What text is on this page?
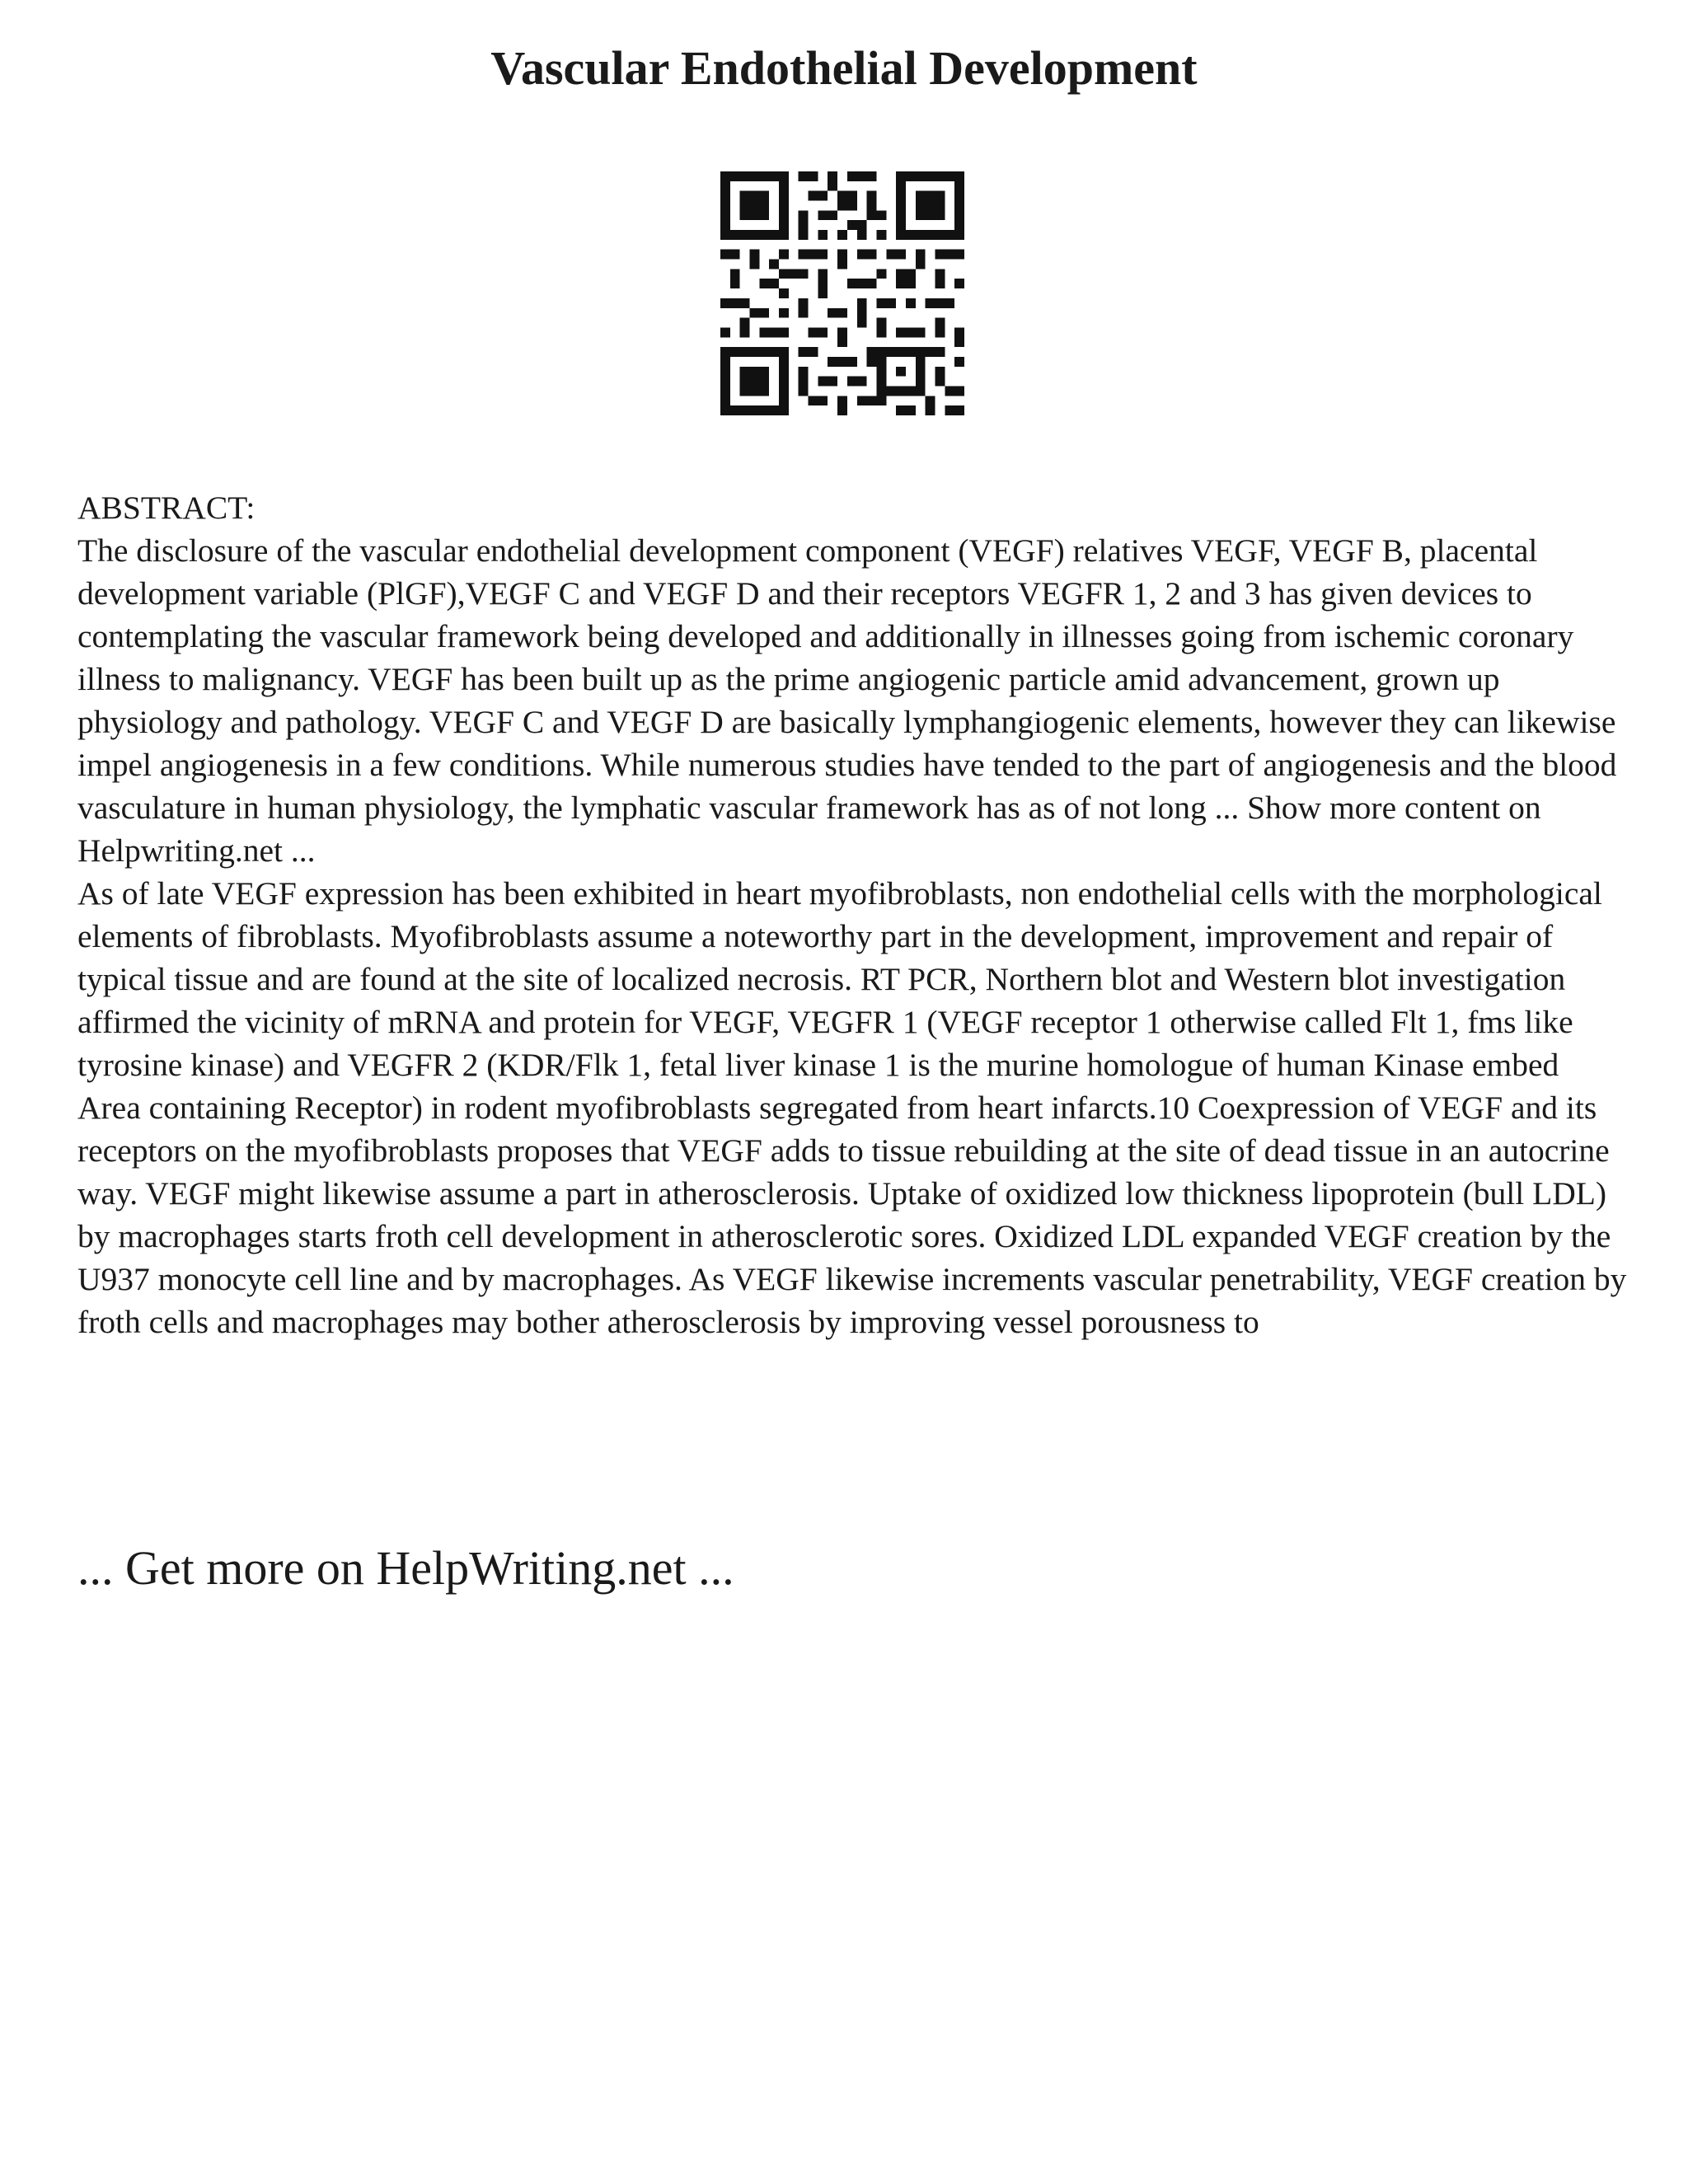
Vascular Endothelial Development

ABSTRACT:

The disclosure of the vascular endothelial development component (VEGF) relatives VEGF, VEGF B, placental development variable (PlGF),VEGF C and VEGF D and their receptors VEGFR 1, 2 and 3 has given devices to contemplating the vascular framework being developed and additionally in illnesses going from ischemic coronary illness to malignancy. VEGF has been built up as the prime angiogenic particle amid advancement, grown up physiology and pathology. VEGF C and VEGF D are basically lymphangiogenic elements, however they can likewise impel angiogenesis in a few conditions. While numerous studies have tended to the part of angiogenesis and the blood vasculature in human physiology, the lymphatic vascular framework has as of not long ... Show more content on Helpwriting.net ...

As of late VEGF expression has been exhibited in heart myofibroblasts, non endothelial cells with the morphological elements of fibroblasts. Myofibroblasts assume a noteworthy part in the development, improvement and repair of typical tissue and are found at the site of localized necrosis. RT PCR, Northern blot and Western blot investigation affirmed the vicinity of mRNA and protein for VEGF, VEGFR 1 (VEGF receptor 1 otherwise called Flt 1, fms like tyrosine kinase) and VEGFR 2 (KDR/Flk 1, fetal liver kinase 1 is the murine homologue of human Kinase embed Area containing Receptor) in rodent myofibroblasts segregated from heart infarcts.10 Coexpression of VEGF and its receptors on the myofibroblasts proposes that VEGF adds to tissue rebuilding at the site of dead tissue in an autocrine way. VEGF might likewise assume a part in atherosclerosis. Uptake of oxidized low thickness lipoprotein (bull LDL) by macrophages starts froth cell development in atherosclerotic sores. Oxidized LDL expanded VEGF creation by the U937 monocyte cell line and by macrophages. As VEGF likewise increments vascular penetrability, VEGF creation by froth cells and macrophages may bother atherosclerosis by improving vessel porousness to

... Get more on HelpWriting.net ...
